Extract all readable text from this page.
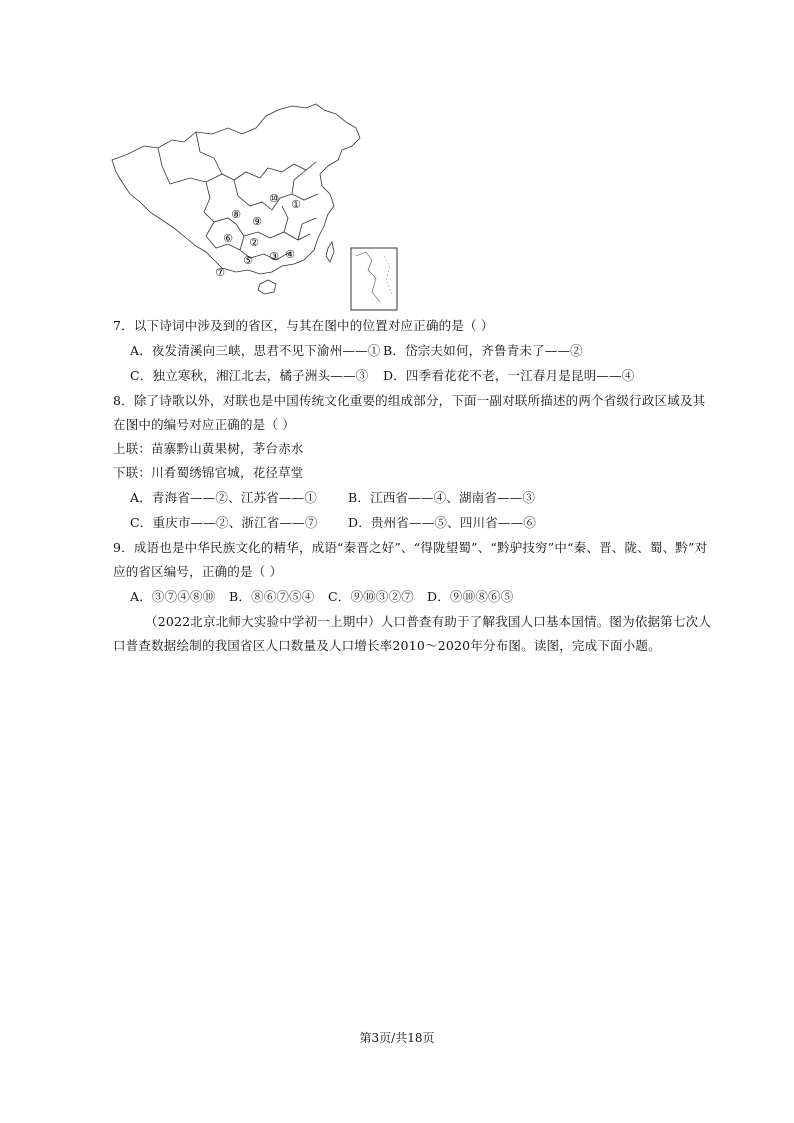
⑩ ①
⑧
⑨
⑥ ②
⑤ ③ ④
⑦
7．以下诗词中涉及到的省区，与其在图中的位置对应正确的是（ ）
A．夜发清溪向三峡，思君不见下渝州——① B．岱宗夫如何，齐鲁青未了——②
C．独立寒秋，湘江北去，橘子洲头——③ D．四季看花花不老，一江春月是昆明——④
8．除了诗歌以外，对联也是中国传统文化重要的组成部分，下面一副对联所描述的两个省级行政区域及其
在图中的编号对应正确的是（ ）
上联：苗寨黔山黄果树，茅台赤水
下联：川肴蜀绣锦官城，花径草堂
A．青海省——②、江苏省——① B．江西省——④、湖南省——③
C．重庆市——②、浙江省——⑦ D．贵州省——⑤、四川省——⑥
9．成语也是中华民族文化的精华，成语“秦晋之好”、“得陇望蜀”、“黔驴技穷”中“秦、晋、陇、蜀、黔”对
应的省区编号，正确的是（ ）
A．③⑦④⑧⑩ B．⑧⑥⑦⑤④ C．⑨⑩③②⑦ D．⑨⑩⑧⑥⑤
（2022北京北师大实验中学初一上期中）人口普查有助于了解我国人口基本国情。图为依据第七次人
口普查数据绘制的我国省区人口数量及人口增长率2010～2020年分布图。读图，完成下面小题。
第3页/共18页
